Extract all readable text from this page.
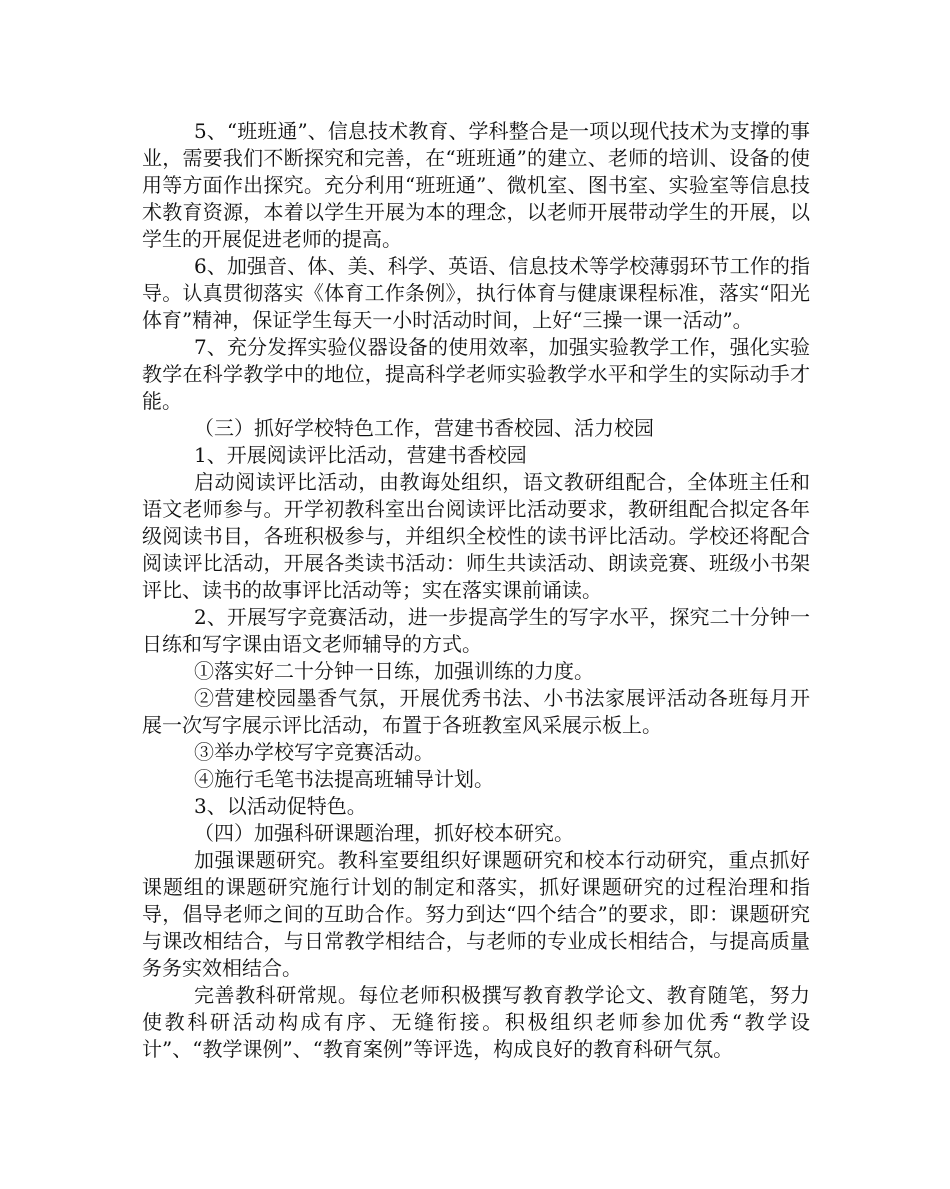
5、“班班通”、信息技术教育、学科整合是一项以现代技术为支撑的事业，需要我们不断探究和完善，在“班班通”的建立、老师的培训、设备的使用等方面作出探究。充分利用“班班通”、微机室、图书室、实验室等信息技术教育资源，本着以学生开展为本的理念，以老师开展带动学生的开展，以学生的开展促进老师的提高。

6、加强音、体、美、科学、英语、信息技术等学校薄弱环节工作的指导。认真贯彻落实《体育工作条例》，执行体育与健康课程标准，落实“阳光体育”精神，保证学生每天一小时活动时间，上好“三操一课一活动”。

7、充分发挥实验仪器设备的使用效率，加强实验教学工作，强化实验教学在科学教学中的地位，提高科学老师实验教学水平和学生的实际动手才能。

（三）抓好学校特色工作，营建书香校园、活力校园

1、开展阅读评比活动，营建书香校园

启动阅读评比活动，由教诲处组织，语文教研组配合，全体班主任和语文老师参与。开学初教科室出台阅读评比活动要求，教研组配合拟定各年级阅读书目，各班积极参与，并组织全校性的读书评比活动。学校还将配合阅读评比活动，开展各类读书活动：师生共读活动、朗读竞赛、班级小书架评比、读书的故事评比活动等；实在落实课前诵读。

2、开展写字竞赛活动，进一步提高学生的写字水平，探究二十分钟一日练和写字课由语文老师辅导的方式。

①落实好二十分钟一日练，加强训练的力度。

②营建校园墨香气氛，开展优秀书法、小书法家展评活动各班每月开展一次写字展示评比活动，布置于各班教室风采展示板上。

③举办学校写字竞赛活动。

④施行毛笔书法提高班辅导计划。

3、以活动促特色。

（四）加强科研课题治理，抓好校本研究。

加强课题研究。教科室要组织好课题研究和校本行动研究，重点抓好课题组的课题研究施行计划的制定和落实，抓好课题研究的过程治理和指导，倡导老师之间的互助合作。努力到达“四个结合”的要求，即：课题研究与课改相结合，与日常教学相结合，与老师的专业成长相结合，与提高质量务务实效相结合。

完善教科研常规。每位老师积极撰写教育教学论文、教育随笔，努力使教科研活动构成有序、无缝衔接。积极组织老师参加优秀“教学设计”、“教学课例”、“教育案例”等评选，构成良好的教育科研气氛。
